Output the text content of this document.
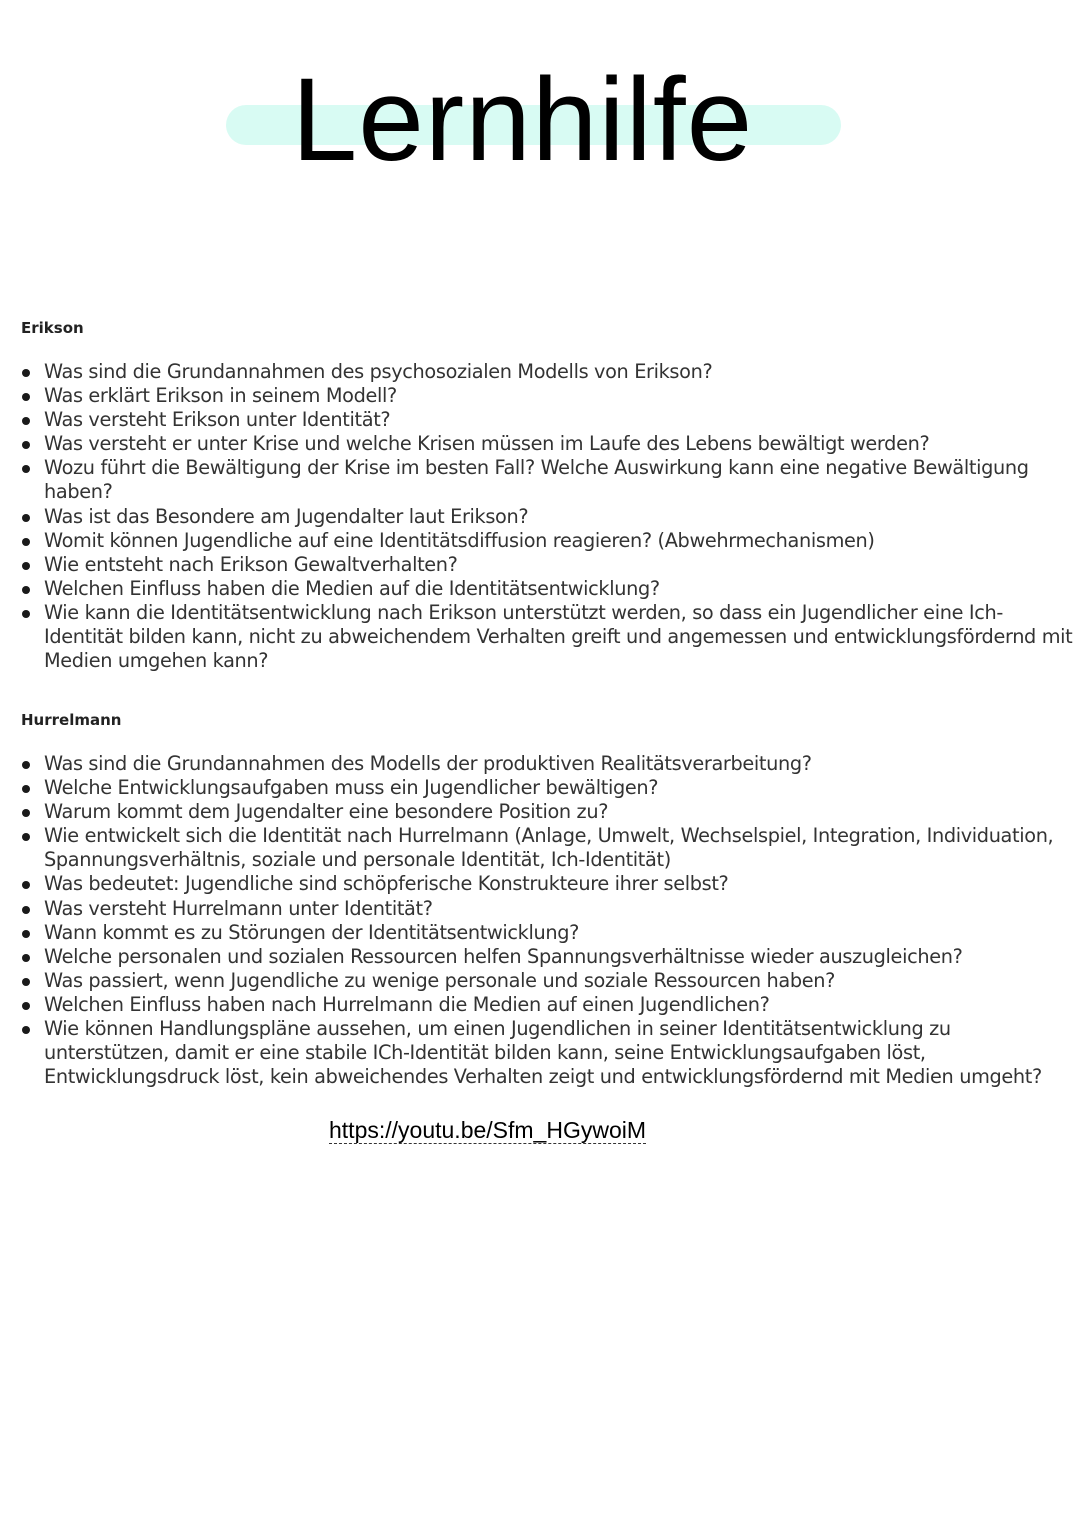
Lernhilfe
Erikson
Was sind die Grundannahmen des psychosozialen Modells von Erikson?
Was erklärt Erikson in seinem Modell?
Was versteht Erikson unter Identität?
Was versteht er unter Krise und welche Krisen müssen im Laufe des Lebens bewältigt werden?
Wozu führt die Bewältigung der Krise im besten Fall? Welche Auswirkung kann eine negative Bewältigung haben?
Was ist das Besondere am Jugendalter laut Erikson?
Womit können Jugendliche auf eine Identitätsdiffusion reagieren? (Abwehrmechanismen)
Wie entsteht nach Erikson Gewaltverhalten?
Welchen Einfluss haben die Medien auf die Identitätsentwicklung?
Wie kann die Identitätsentwicklung nach Erikson unterstützt werden, so dass ein Jugendlicher eine Ich-Identität bilden kann, nicht zu abweichendem Verhalten greift und angemessen und entwicklungsfördernd mit Medien umgehen kann?
Hurrelmann
Was sind die Grundannahmen des Modells der produktiven Realitätsverarbeitung?
Welche Entwicklungsaufgaben muss ein Jugendlicher bewältigen?
Warum kommt dem Jugendalter eine besondere Position zu?
Wie entwickelt sich die Identität nach Hurrelmann (Anlage, Umwelt, Wechselspiel, Integration, Individuation, Spannungsverhältnis, soziale und personale Identität, Ich-Identität)
Was bedeutet: Jugendliche sind schöpferische Konstrukteure ihrer selbst?
Was versteht Hurrelmann unter Identität?
Wann kommt es zu Störungen der Identitätsentwicklung?
Welche personalen und sozialen Ressourcen helfen Spannungsverhältnisse wieder auszugleichen?
Was passiert, wenn Jugendliche zu wenige personale und soziale Ressourcen haben?
Welchen Einfluss haben nach Hurrelmann die Medien auf einen Jugendlichen?
Wie können Handlungspläne aussehen, um einen Jugendlichen in seiner Identitätsentwicklung zu unterstützen, damit er eine stabile ICh-Identität bilden kann, seine Entwicklungsaufgaben löst, Entwicklungsdruck löst, kein abweichendes Verhalten zeigt und entwicklungsfördernd mit Medien umgeht?
https://youtu.be/Sfm_HGywoiM
